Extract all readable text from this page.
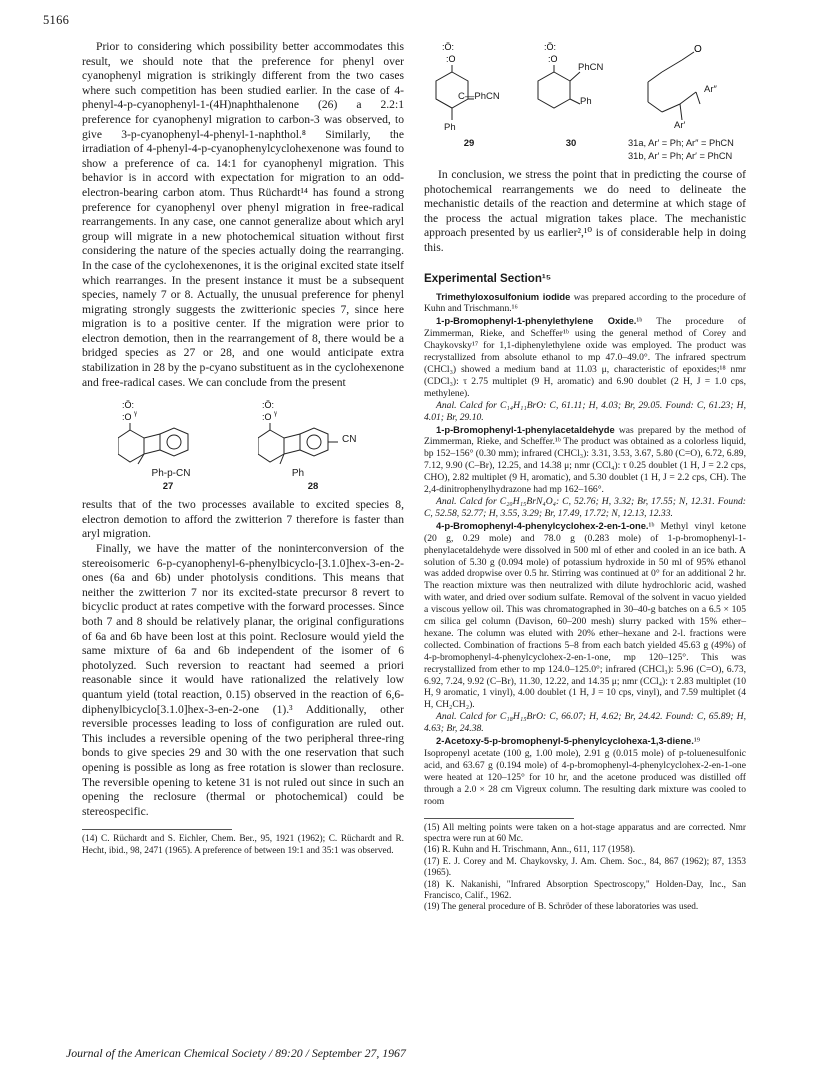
5166

Prior to considering which possibility better accommodates this result, we should note that the preference for phenyl over cyanophenyl migration is strikingly different from the two cases where such competition has been studied earlier. In the case of 4-phenyl-4-p-cyanophenyl-1-(4H)naphthalenone (26) a 2.2:1 preference for cyanophenyl migration to carbon-3 was observed, to give 3-p-cyanophenyl-4-phenyl-1-naphthol.⁸ Similarly, the irradiation of 4-phenyl-4-p-cyanophenylcyclohexenone was found to show a preference of ca. 14:1 for cyanophenyl migration. This behavior is in accord with expectation for migration to an odd-electron-bearing carbon atom. Thus Rüchardt¹⁴ has found a strong preference for cyanophenyl over phenyl migration in free-radical rearrangements. In any case, one cannot generalize about which aryl group will migrate in a new photochemical situation without first considering the nature of the species actually doing the rearranging. In the case of the cyclohexenones, it is the original excited state itself which rearranges. In the present instance it must be a subsequent species, namely 7 or 8. Actually, the unusual preference for phenyl migrating strongly suggests the zwitterionic species 7, since here migration is to a positive center. If the migration were prior to electron demotion, then in the rearrangement of 8, there would be a bridged species as 27 or 28, and one would anticipate extra stabilization in 28 by the p-cyano substituent as in the cyclohexenone and free-radical cases. We can conclude from the present

:Ö:
:O γ
Ph-p-CN
27
:Ö:
:O γ
CN
Ph
28

results that of the two processes available to excited species 8, electron demotion to afford the zwitterion 7 therefore is faster than aryl migration.

Finally, we have the matter of the noninterconversion of the stereoisomeric 6-p-cyanophenyl-6-phenylbicyclo-[3.1.0]hex-3-en-2-ones (6a and 6b) under photolysis conditions. This means that neither the zwitterion 7 nor its excited-state precursor 8 revert to bicyclic product at rates competive with the forward processes. Since both 7 and 8 should be relatively planar, the original configurations of 6a and 6b have been lost at this point. Reclosure would yield the same mixture of 6a and 6b independent of the isomer of 6 photolyzed. Such reversion to reactant had seemed a priori reasonable since it would have rationalized the relatively low quantum yield (total reaction, 0.15) observed in the reaction of 6,6-diphenylbicyclo[3.1.0]hex-3-en-2-one (1).³ Additionally, other reversible processes leading to loss of configuration are ruled out. This includes a reversible opening of the two peripheral three-ring bonds to give species 29 and 30 with the one reservation that such opening is possible as long as free rotation is slower than reclosure. The reversible opening to ketene 31 is not ruled out since in such an opening the reclosure (thermal or photochemical) could be stereospecific.

(14) C. Rüchardt and S. Eichler, Chem. Ber., 95, 1921 (1962); C. Rüchardt and R. Hecht, ibid., 98, 2471 (1965). A preference of between 19:1 and 35:1 was observed.

:Ö:
:O
C—PhCN
Ph
29
:Ö:
:O
PhCN
Ph
30
O
Ar″
Ar′
31a, Ar′ = Ph; Ar″ = PhCN
31b, Ar′ = Ph; Ar′ = PhCN

In conclusion, we stress the point that in predicting the course of photochemical rearrangements we do need to delineate the mechanistic details of the reaction and determine at which stage of the process the actual migration takes place. The mechanistic approach presented by us earlier²,¹⁰ is of considerable help in doing this.

Experimental Section¹⁵

Trimethyloxosulfonium iodide was prepared according to the procedure of Kuhn and Trischmann.¹⁶

1-p-Bromophenyl-1-phenylethylene Oxide.¹ᵇ The procedure of Zimmerman, Rieke, and Scheffer¹ᵇ using the general method of Corey and Chaykovsky¹⁷ for 1,1-diphenylethylene oxide was employed. The product was recrystallized from absolute ethanol to mp 47.0–49.0°. The infrared spectrum (CHCl₃) showed a medium band at 11.03 μ, characteristic of epoxides;¹⁸ nmr (CDCl₃): τ 2.75 multiplet (9 H, aromatic) and 6.90 doublet (2 H, J = 1.0 cps, methylene).

Anal. Calcd for C₁₄H₁₁BrO: C, 61.11; H, 4.03; Br, 29.05. Found: C, 61.23; H, 4.01; Br, 29.10.

1-p-Bromophenyl-1-phenylacetaldehyde was prepared by the method of Zimmerman, Rieke, and Scheffer.¹ᵇ The product was obtained as a colorless liquid, bp 152–156° (0.30 mm); infrared (CHCl₃): 3.31, 3.53, 3.67, 5.80 (C=O), 6.72, 6.89, 7.12, 9.90 (C–Br), 12.25, and 14.38 μ; nmr (CCl₄): τ 0.25 doublet (1 H, J = 2.2 cps, CHO), 2.82 multiplet (9 H, aromatic), and 5.30 doublet (1 H, J = 2.2 cps, CH). The 2,4-dinitrophenylhydrazone had mp 162–166°.

Anal. Calcd for C₂₀H₁₅BrN₄O₄: C, 52.76; H, 3.32; Br, 17.55; N, 12.31. Found: C, 52.58, 52.77; H, 3.55, 3.29; Br, 17.49, 17.72; N, 12.13, 12.33.

4-p-Bromophenyl-4-phenylcyclohex-2-en-1-one.¹ᵇ Methyl vinyl ketone (20 g, 0.29 mole) and 78.0 g (0.283 mole) of 1-p-bromophenyl-1-phenylacetaldehyde were dissolved in 500 ml of ether and cooled in an ice bath. A solution of 5.30 g (0.094 mole) of potassium hydroxide in 50 ml of 95% ethanol was added dropwise over 0.5 hr. Stirring was continued at 0° for an additional 2 hr. The reaction mixture was then neutralized with dilute hydrochloric acid, washed with water, and dried over sodium sulfate. Removal of the solvent in vacuo yielded a viscous yellow oil. This was chromatographed in 30–40-g batches on a 6.5 × 105 cm silica gel column (Davison, 60–200 mesh) slurry packed with 15% ether–hexane. The column was eluted with 20% ether–hexane and 2-l. fractions were collected. Combination of fractions 5–8 from each batch yielded 45.63 g (49%) of 4-p-bromophenyl-4-phenylcyclohex-2-en-1-one, mp 120–125°. This was recrystallized from ether to mp 124.0–125.0°; infrared (CHCl₃): 5.96 (C=O), 6.73, 6.92, 7.24, 9.92 (C–Br), 11.30, 12.22, and 14.35 μ; nmr (CCl₄): τ 2.83 multiplet (10 H, 9 aromatic, 1 vinyl), 4.00 doublet (1 H, J = 10 cps, vinyl), and 7.59 multiplet (4 H, CH₂CH₂).

Anal. Calcd for C₁₈H₁₅BrO: C, 66.07; H, 4.62; Br, 24.42. Found: C, 65.89; H, 4.63; Br, 24.38.

2-Acetoxy-5-p-bromophenyl-5-phenylcyclohexa-1,3-diene.¹⁹ Isopropenyl acetate (100 g, 1.00 mole), 2.91 g (0.015 mole) of p-toluenesulfonic acid, and 63.67 g (0.194 mole) of 4-p-bromophenyl-4-phenylcyclohex-2-en-1-one were heated at 120–125° for 10 hr, and the acetone produced was distilled off through a 2.0 × 28 cm Vigreux column. The resulting dark mixture was cooled to room

(15) All melting points were taken on a hot-stage apparatus and are corrected. Nmr spectra were run at 60 Mc.

(16) R. Kuhn and H. Trischmann, Ann., 611, 117 (1958).

(17) E. J. Corey and M. Chaykovsky, J. Am. Chem. Soc., 84, 867 (1962); 87, 1353 (1965).

(18) K. Nakanishi, "Infrared Absorption Spectroscopy," Holden-Day, Inc., San Francisco, Calif., 1962.

(19) The general procedure of B. Schröder of these laboratories was used.

Journal of the American Chemical Society / 89:20 / September 27, 1967
